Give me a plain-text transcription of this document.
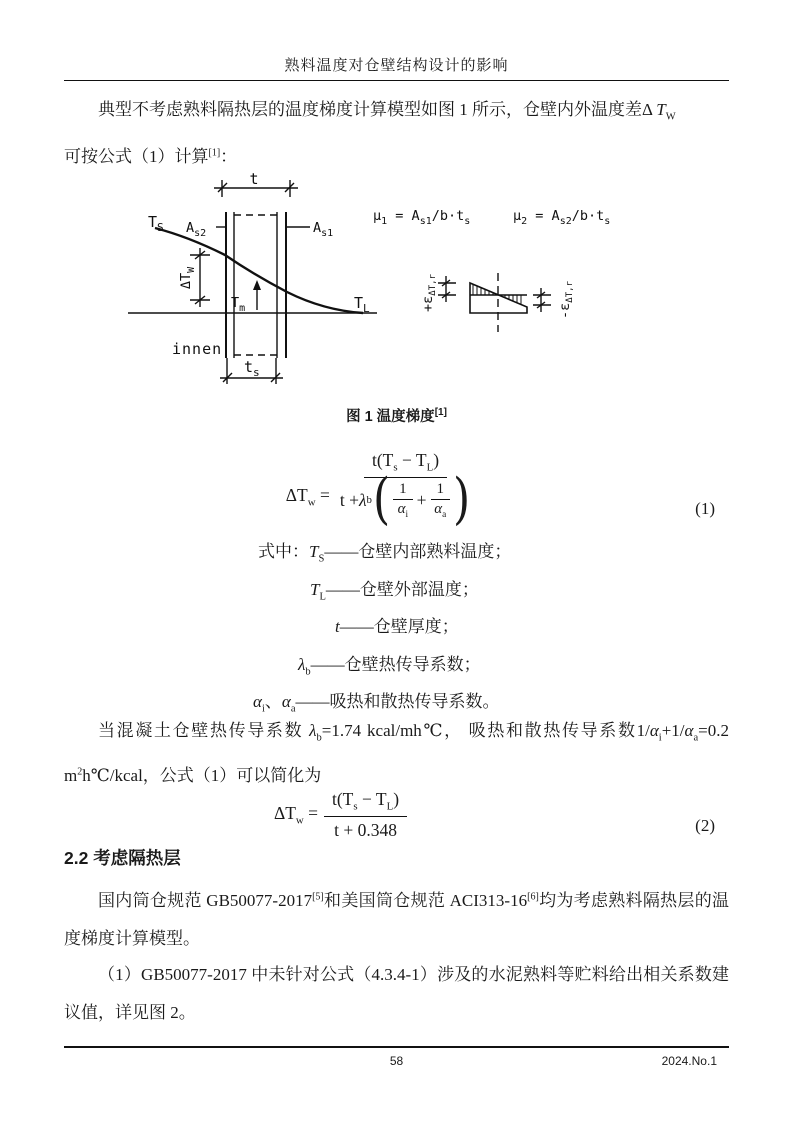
熟料温度对仓壁结构设计的影响
典型不考虑熟料隔热层的温度梯度计算模型如图 1 所示，仓壁内外温度差Δ $T_W$
可按公式（1）计算[1]：
t
$T_S$ $A_{s2}$	$A_{s1}$
$\Delta T_W$
$T_m$	$T_L$
innen
$t_s$
$\mu_1 = A_{s1}/b\cdot t_s$	$\mu_2 = A_{s2}/b\cdot t_s$
$+\varepsilon_{\Delta T,r}$
$-\varepsilon_{\Delta T,r}$
图 1 温度梯度[1]
$\Delta T_w$ =
$t(T_s - T_L)$
t + λ b ( 1
$\alpha_i$
+ $\frac{1}{\alpha_a}$ )	(1)
式中：$T_S——$仓壁内部熟料温度；
$T_L——$仓壁外部温度；
t——仓壁厚度；
$\lambda_b——$仓壁热传导系数；
$\alpha_i$、$\alpha_a——$吸热和散热传导系数。
当混凝土仓壁热传导系数 $\lambda_b=1.74$ kcal/mh℃， 吸热和散热传导系数$1/\alpha_i+1/\alpha_a=0.2$ m$^2$h℃/kcal，公式（1）可以简化为
$\Delta T_w = \frac{t(T_s - T_L)}{t + 0.348}$	(2)
2.2 考虑隔热层
国内筒仓规范 GB50077-2017[5]和美国筒仓规范 ACI313-16[6]均为考虑熟料隔热层的温度梯度计算模型。
（1）GB50077-2017 中未针对公式（4.3.4-1）涉及的水泥熟料等贮料给出相关系数建议值，详见图 2。
58	2024.No.1
